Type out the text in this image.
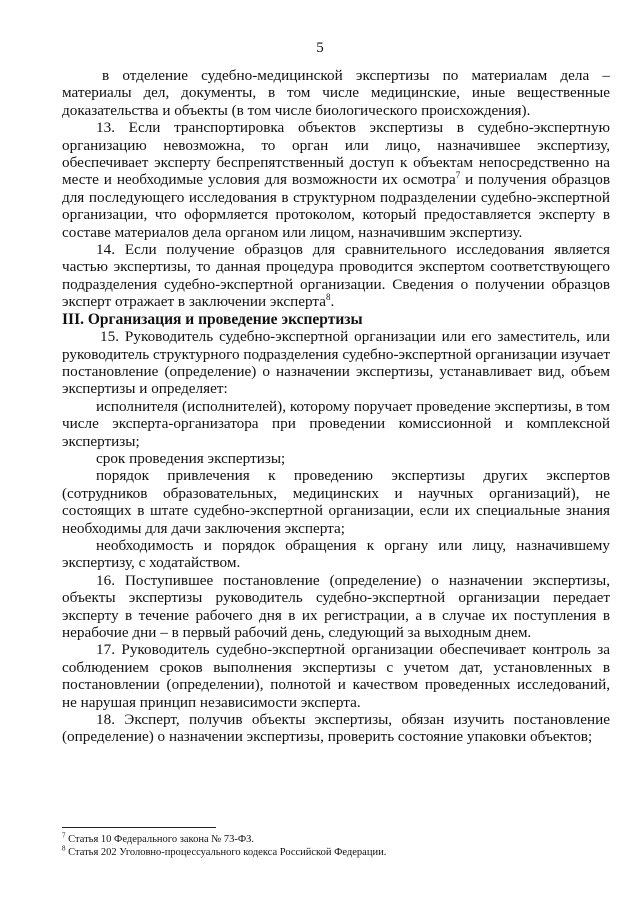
5

в отделение судебно-медицинской экспертизы по материалам дела – материалы дел, документы, в том числе медицинские, иные вещественные доказательства и объекты (в том числе биологического происхождения).

13. Если транспортировка объектов экспертизы в судебно-экспертную организацию невозможна, то орган или лицо, назначившее экспертизу, обеспечивает эксперту беспрепятственный доступ к объектам непосредственно на месте и необходимые условия для возможности их осмотра$^7$ и получения образцов для последующего исследования в структурном подразделении судебно-экспертной организации, что оформляется протоколом, который предоставляется эксперту в составе материалов дела органом или лицом, назначившим экспертизу.

14. Если получение образцов для сравнительного исследования является частью экспертизы, то данная процедура проводится экспертом соответствующего подразделения судебно-экспертной организации. Сведения о получении образцов эксперт отражает в заключении эксперта$^8$.

III. Организация и проведение экспертизы

15. Руководитель судебно-экспертной организации или его заместитель, или руководитель структурного подразделения судебно-экспертной организации изучает постановление (определение) о назначении экспертизы, устанавливает вид, объем экспертизы и определяет:

исполнителя (исполнителей), которому поручает проведение экспертизы, в том числе эксперта-организатора при проведении комиссионной и комплексной экспертизы;

срок проведения экспертизы;

порядок привлечения к проведению экспертизы других экспертов (сотрудников образовательных, медицинских и научных организаций), не состоящих в штате судебно-экспертной организации, если их специальные знания необходимы для дачи заключения эксперта;

необходимость и порядок обращения к органу или лицу, назначившему экспертизу, с ходатайством.

16. Поступившее постановление (определение) о назначении экспертизы, объекты экспертизы руководитель судебно-экспертной организации передает эксперту в течение рабочего дня в их регистрации, а в случае их поступления в нерабочие дни – в первый рабочий день, следующий за выходным днем.

17. Руководитель судебно-экспертной организации обеспечивает контроль за соблюдением сроков выполнения экспертизы с учетом дат, установленных в постановлении (определении), полнотой и качеством проведенных исследований, не нарушая принцип независимости эксперта.

18. Эксперт, получив объекты экспертизы, обязан изучить постановление (определение) о назначении экспертизы, проверить состояние упаковки объектов;

$^7$ Статья 10 Федерального закона № 73-ФЗ.
$^8$ Статья 202 Уголовно-процессуального кодекса Российской Федерации.
